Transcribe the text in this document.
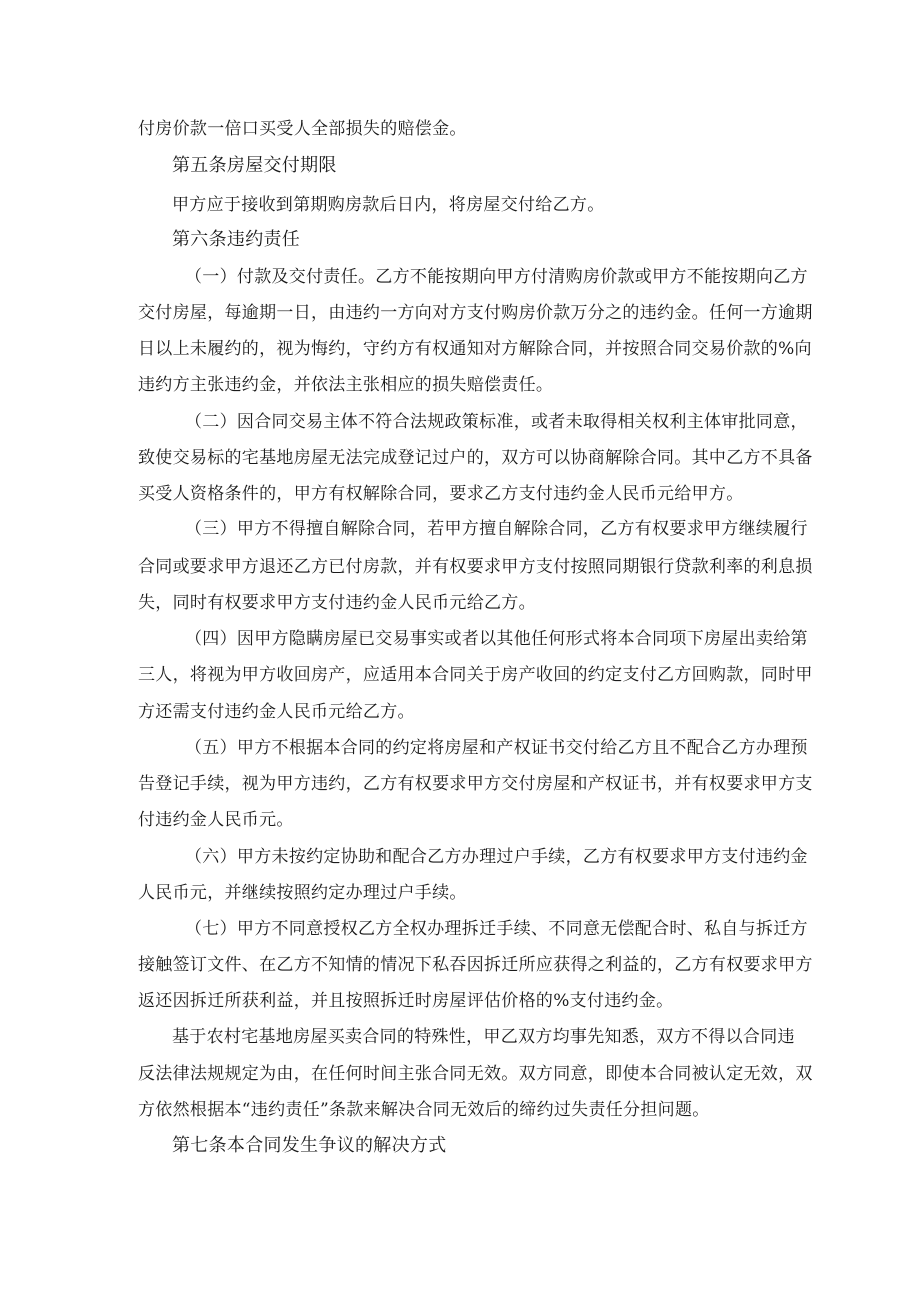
付房价款一倍口买受人全部损失的赔偿金。
第五条房屋交付期限
甲方应于接收到第期购房款后日内，将房屋交付给乙方。
第六条违约责任
（一）付款及交付责任。乙方不能按期向甲方付清购房价款或甲方不能按期向乙方
交付房屋，每逾期一日，由违约一方向对方支付购房价款万分之的违约金。任何一方逾期
日以上未履约的，视为悔约，守约方有权通知对方解除合同，并按照合同交易价款的%向
违约方主张违约金，并依法主张相应的损失赔偿责任。
（二）因合同交易主体不符合法规政策标准，或者未取得相关权利主体审批同意，
致使交易标的宅基地房屋无法完成登记过户的，双方可以协商解除合同。其中乙方不具备
买受人资格条件的，甲方有权解除合同，要求乙方支付违约金人民币元给甲方。
（三）甲方不得擅自解除合同，若甲方擅自解除合同，乙方有权要求甲方继续履行
合同或要求甲方退还乙方已付房款，并有权要求甲方支付按照同期银行贷款利率的利息损
失，同时有权要求甲方支付违约金人民币元给乙方。
（四）因甲方隐瞒房屋已交易事实或者以其他任何形式将本合同项下房屋出卖给第
三人，将视为甲方收回房产，应适用本合同关于房产收回的约定支付乙方回购款，同时甲
方还需支付违约金人民币元给乙方。
（五）甲方不根据本合同的约定将房屋和产权证书交付给乙方且不配合乙方办理预
告登记手续，视为甲方违约，乙方有权要求甲方交付房屋和产权证书，并有权要求甲方支
付违约金人民币元。
（六）甲方未按约定协助和配合乙方办理过户手续，乙方有权要求甲方支付违约金
人民币元，并继续按照约定办理过户手续。
（七）甲方不同意授权乙方全权办理拆迁手续、不同意无偿配合时、私自与拆迁方
接触签订文件、在乙方不知情的情况下私吞因拆迁所应获得之利益的，乙方有权要求甲方
返还因拆迁所获利益，并且按照拆迁时房屋评估价格的%支付违约金。
基于农村宅基地房屋买卖合同的特殊性，甲乙双方均事先知悉，双方不得以合同违
反法律法规规定为由，在任何时间主张合同无效。双方同意，即使本合同被认定无效，双
方依然根据本“违约责任”条款来解决合同无效后的缔约过失责任分担问题。
第七条本合同发生争议的解决方式
